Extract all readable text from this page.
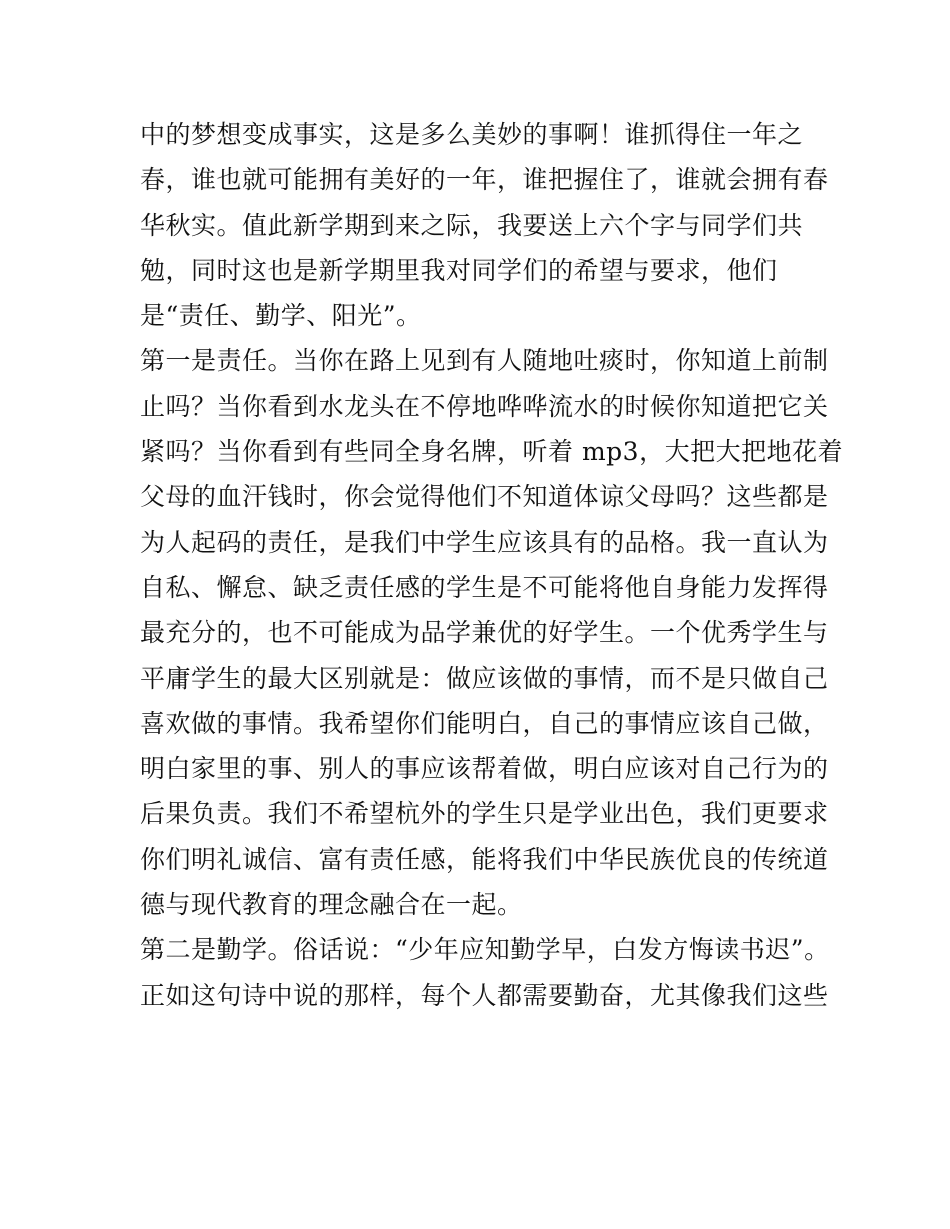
中的梦想变成事实，这是多么美妙的事啊！谁抓得住一年之
春，谁也就可能拥有美好的一年，谁把握住了，谁就会拥有春
华秋实。值此新学期到来之际，我要送上六个字与同学们共
勉，同时这也是新学期里我对同学们的希望与要求，他们
是“责任、勤学、阳光”。
第一是责任。当你在路上见到有人随地吐痰时，你知道上前制
止吗？当你看到水龙头在不停地哗哗流水的时候你知道把它关
紧吗？当你看到有些同全身名牌，听着 mp3，大把大把地花着
父母的血汗钱时，你会觉得他们不知道体谅父母吗？这些都是
为人起码的责任，是我们中学生应该具有的品格。我一直认为
自私、懈怠、缺乏责任感的学生是不可能将他自身能力发挥得
最充分的，也不可能成为品学兼优的好学生。一个优秀学生与
平庸学生的最大区别就是：做应该做的事情，而不是只做自己
喜欢做的事情。我希望你们能明白，自己的事情应该自己做，
明白家里的事、别人的事应该帮着做，明白应该对自己行为的
后果负责。我们不希望杭外的学生只是学业出色，我们更要求
你们明礼诚信、富有责任感，能将我们中华民族优良的传统道
德与现代教育的理念融合在一起。
第二是勤学。俗话说：“少年应知勤学早，白发方悔读书迟”。
正如这句诗中说的那样，每个人都需要勤奋，尤其像我们这些
